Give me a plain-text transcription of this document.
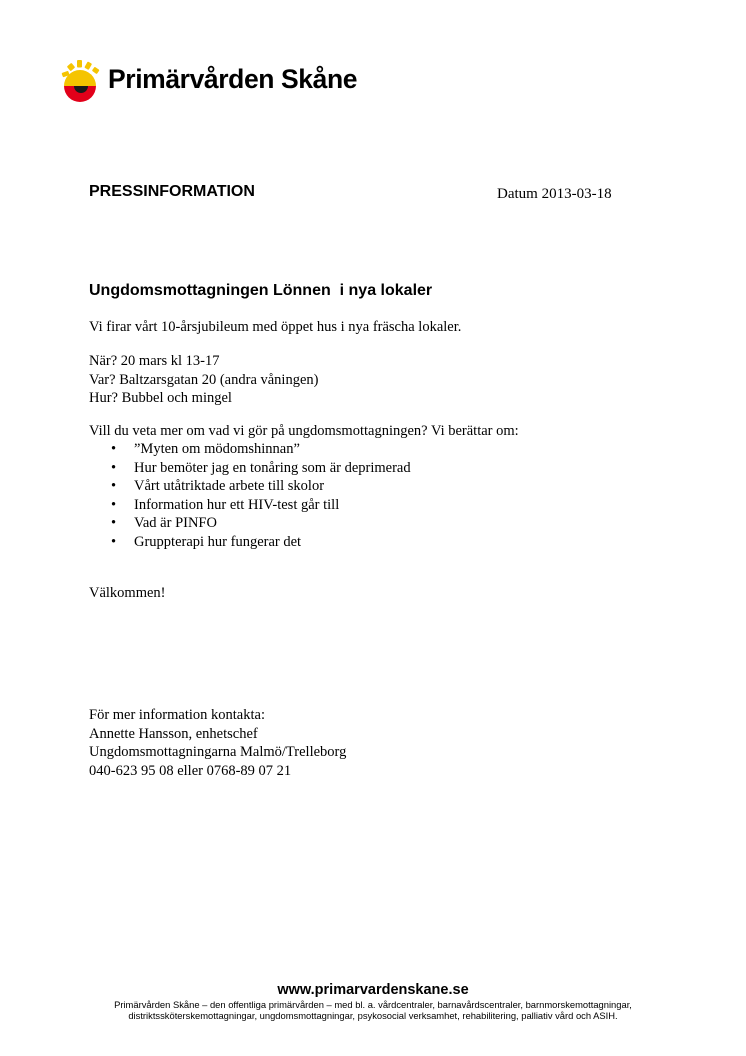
Primärvården Skåne
PRESSINFORMATION	Datum 2013-03-18
Ungdomsmottagningen Lönnen  i nya lokaler
Vi firar vårt 10-årsjubileum med öppet hus i nya fräscha lokaler.
När? 20 mars kl 13-17
Var? Baltzarsgatan 20 (andra våningen)
Hur? Bubbel och mingel
Vill du veta mer om vad vi gör på ungdomsmottagningen? Vi berättar om:
• ”Myten om mödomshinnan”
• Hur bemöter jag en tonåring som är deprimerad
• Vårt utåtriktade arbete till skolor
• Information hur ett HIV-test går till
• Vad är PINFO
• Gruppterapi hur fungerar det
Välkommen!
För mer information kontakta:
Annette Hansson, enhetschef
Ungdomsmottagningarna Malmö/Trelleborg
040-623 95 08 eller 0768-89 07 21
www.primarvardenskane.se
Primärvården Skåne – den offentliga primärvården – med bl. a. vårdcentraler, barnavårdscentraler, barnmorskemottagningar,
distriktssköterskemottagningar, ungdomsmottagningar, psykosocial verksamhet, rehabilitering, palliativ vård och ASIH.
